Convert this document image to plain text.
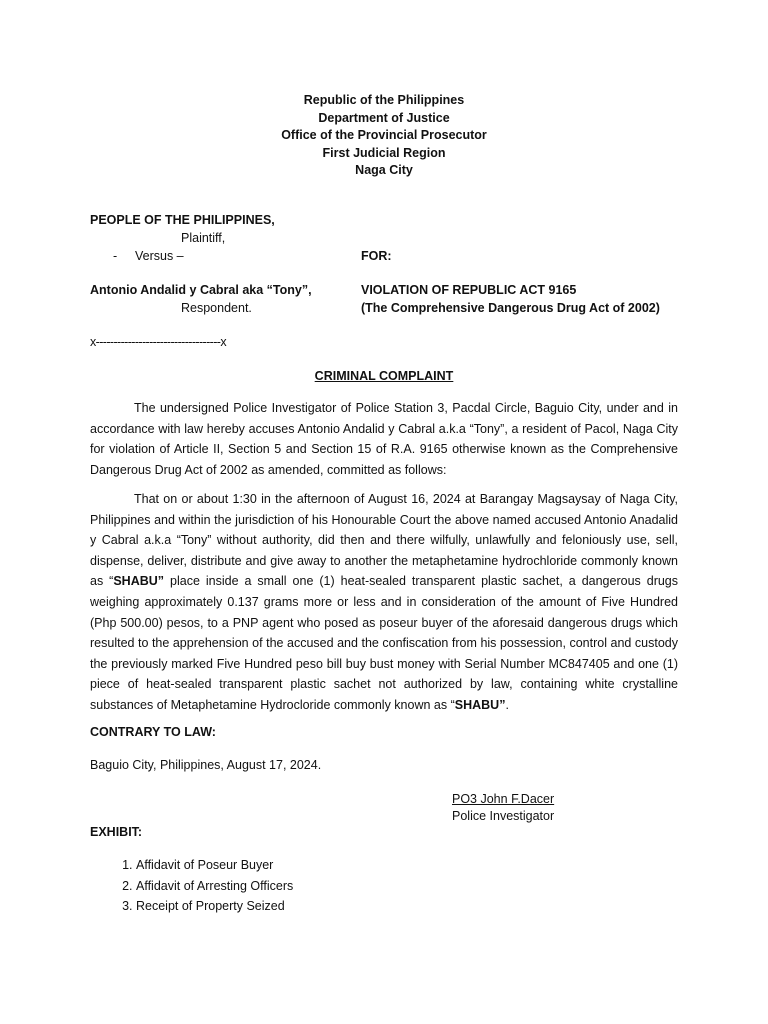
Republic of the Philippines
Department of Justice
Office of the Provincial Prosecutor
First Judicial Region
Naga City
PEOPLE OF THE PHILIPPINES,
Plaintiff,
- Versus –	FOR:
Antonio Andalid y Cabral aka “Tony”,
Respondent.
VIOLATION OF REPUBLIC ACT 9165
(The Comprehensive Dangerous Drug Act of 2002)
x-----------------------------------x
CRIMINAL COMPLAINT
The undersigned Police Investigator of Police Station 3, Pacdal Circle, Baguio City, under and in accordance with law hereby accuses Antonio Andalid y Cabral a.k.a “Tony”, a resident of Pacol, Naga City for violation of Article II, Section 5 and Section 15 of R.A. 9165 otherwise known as the Comprehensive Dangerous Drug Act of 2002 as amended, committed as follows:
That on or about 1:30 in the afternoon of August 16, 2024 at Barangay Magsaysay of Naga City, Philippines and within the jurisdiction of his Honourable Court the above named accused Antonio Anadalid y Cabral a.k.a “Tony” without authority, did then and there wilfully, unlawfully and feloniously use, sell, dispense, deliver, distribute and give away to another the metaphetamine hydrochloride commonly known as “SHABU” place inside a small one (1) heat-sealed transparent plastic sachet, a dangerous drugs weighing approximately 0.137 grams more or less and in consideration of the amount of Five Hundred (Php 500.00) pesos, to a PNP agent who posed as poseur buyer of the aforesaid dangerous drugs which resulted to the apprehension of the accused and the confiscation from his possession, control and custody the previously marked Five Hundred peso bill buy bust money with Serial Number MC847405 and one (1) piece of heat-sealed transparent plastic sachet not authorized by law, containing white crystalline substances of Metaphetamine Hydrocloride commonly known as “SHABU”.
CONTRARY TO LAW:
Baguio City, Philippines, August 17, 2024.
PO3 John F.Dacer
Police Investigator
EXHIBIT:
1. Affidavit of Poseur Buyer
2. Affidavit of Arresting Officers
3. Receipt of Property Seized
